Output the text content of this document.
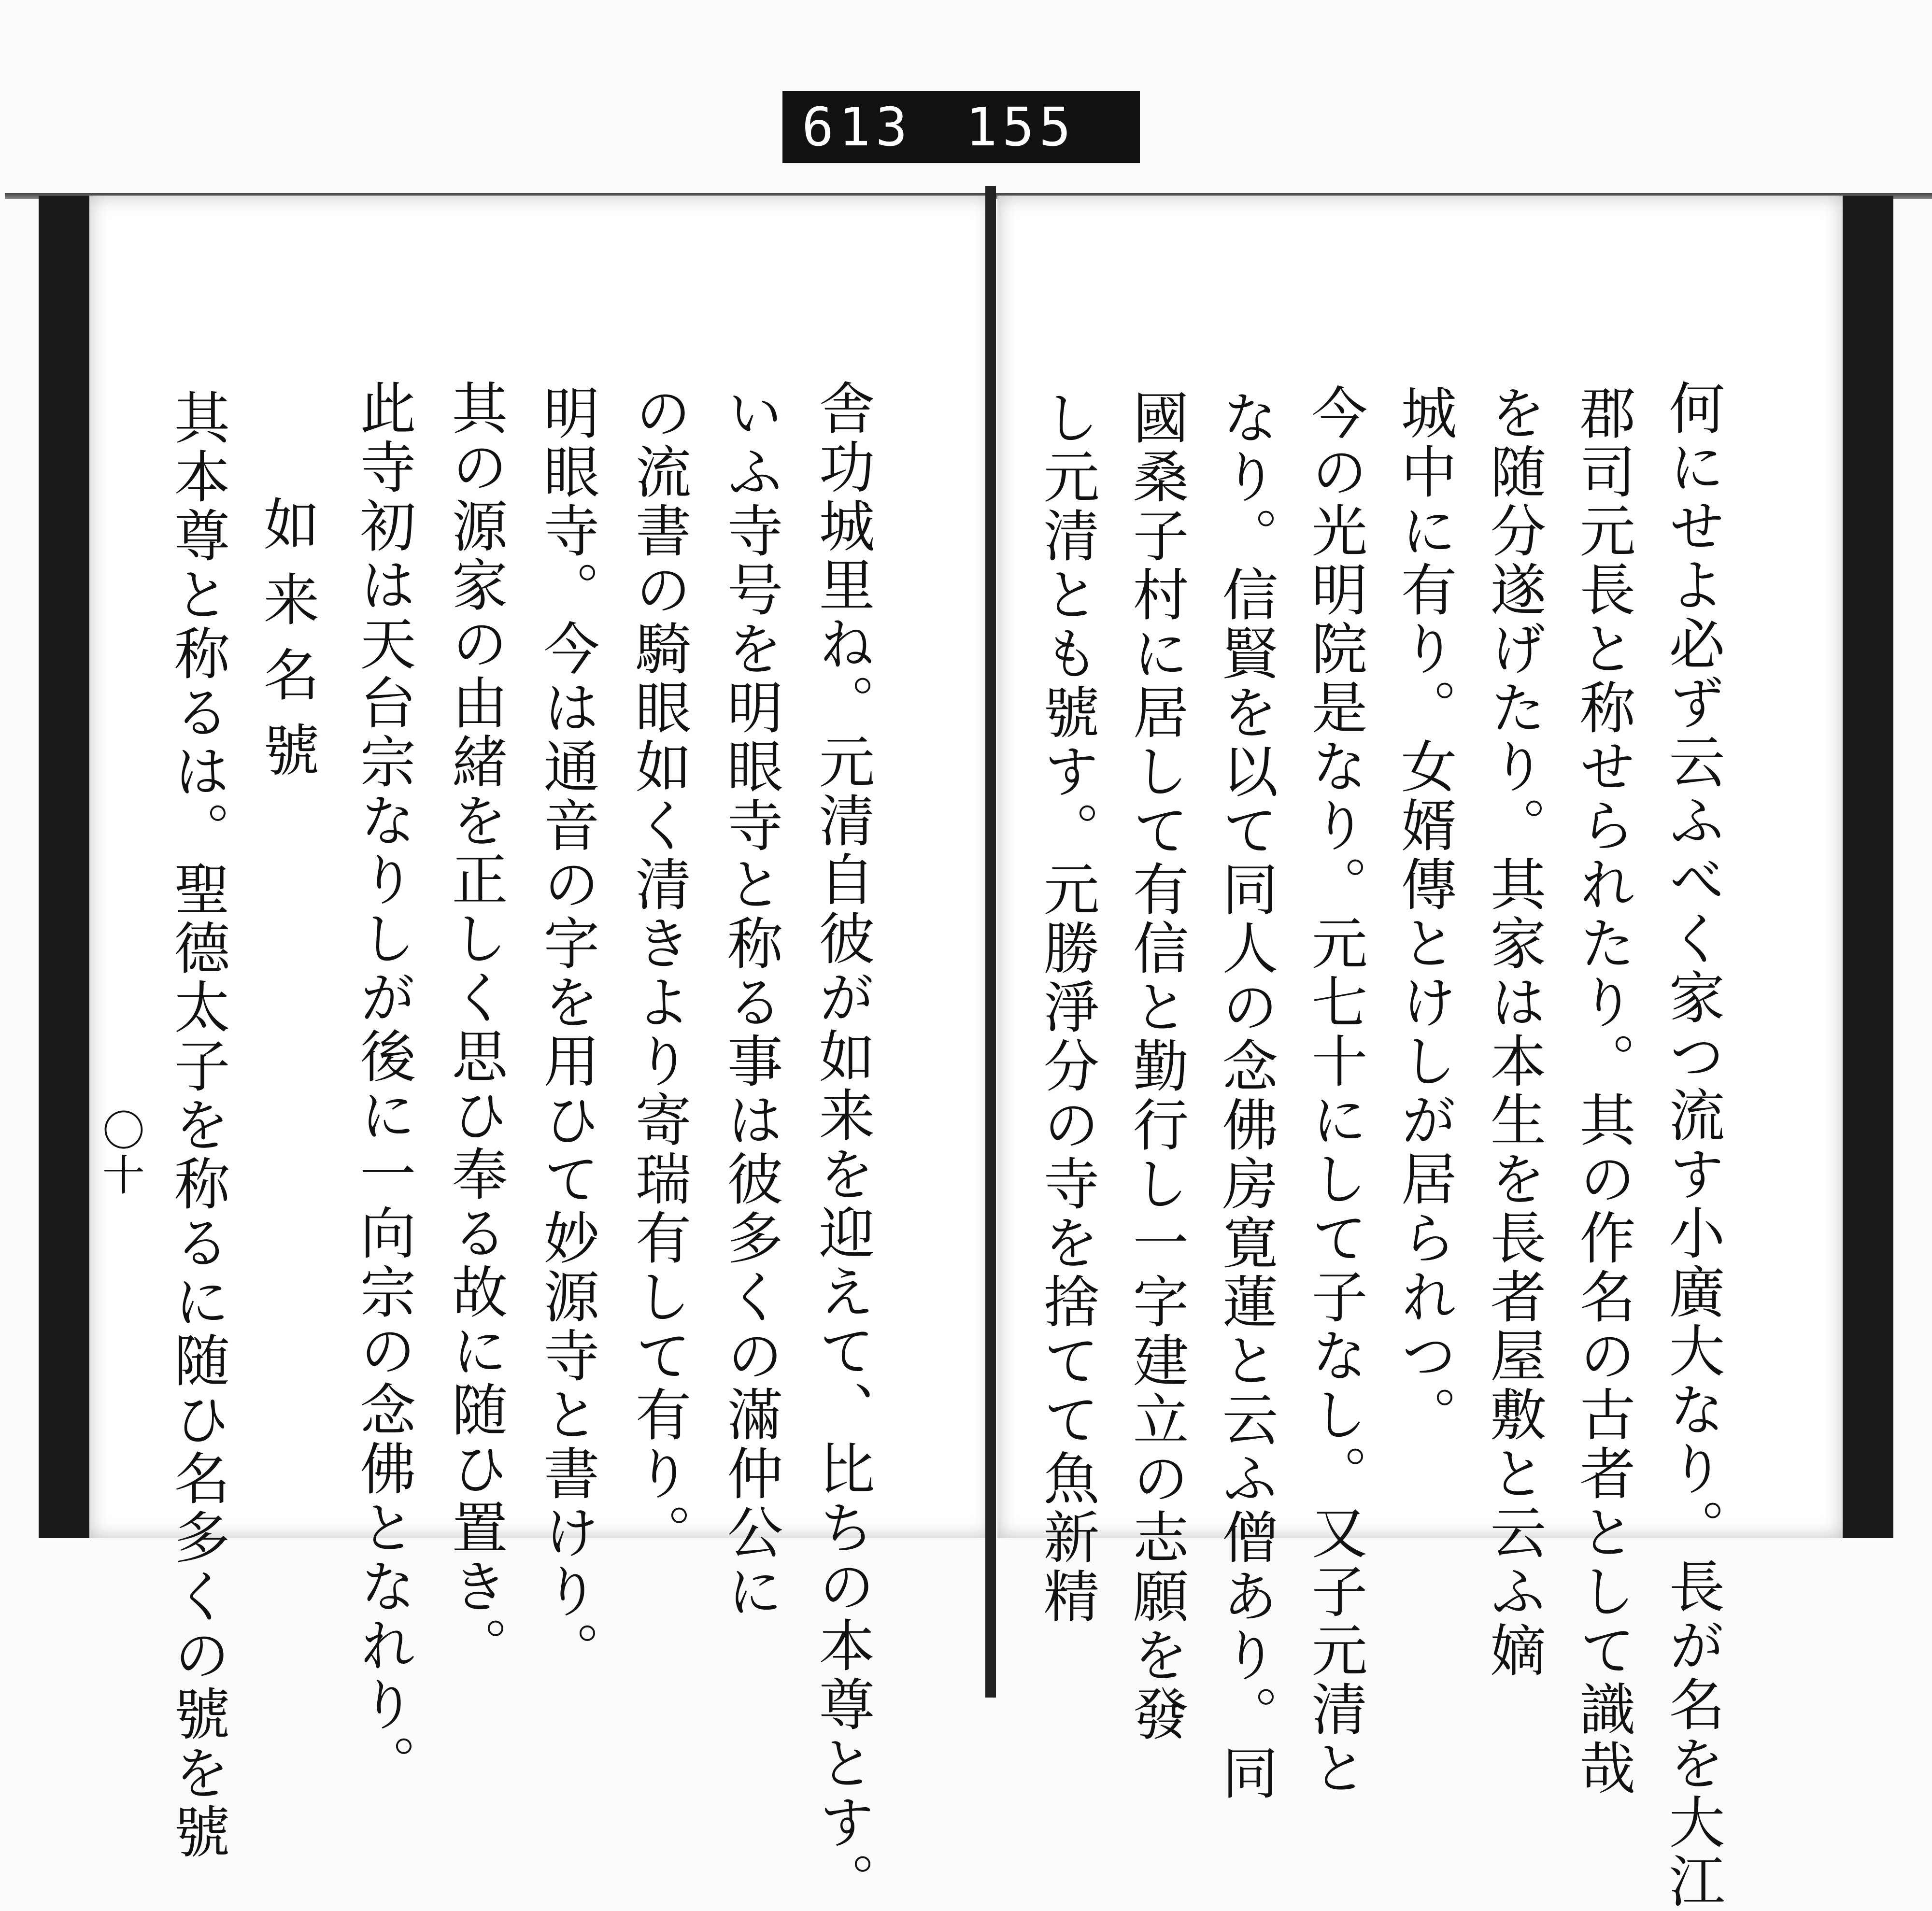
613 155
舎功城里ね。元清自彼が如来を迎えて、比ちの本尊とす。
いふ寺号を明眼寺と称る事は彼多くの滿仲公に
の流書の騎眼如く清きより寄瑞有して有り。
明眼寺。今は通音の字を用ひて妙源寺と書けり。
其の源家の由緒を正しく思ひ奉る故に随ひ置き。
此寺初は天台宗なりしが後に一向宗の念佛となれり。
如来名號
其本尊と称るは。聖德太子を称るに随ひ名多くの號を號
〇十	何にせよ必ず云ふべく家つ流す小廣大なり。長が名を大江
郡司元長と称せられたり。其の作名の古者として識哉
を随分遂げたり。其家は本生を長者屋敷と云ふ嫡
城中に有り。女婿傳とけしが居られつ。
今の光明院是なり。元七十にして子なし。又子元清と
なり。信賢を以て同人の念佛房寛蓮と云ふ僧あり。同
國桑子村に居して有信と勤行し一字建立の志願を發
し元清とも號す。元勝淨分の寺を捨てて魚新精
